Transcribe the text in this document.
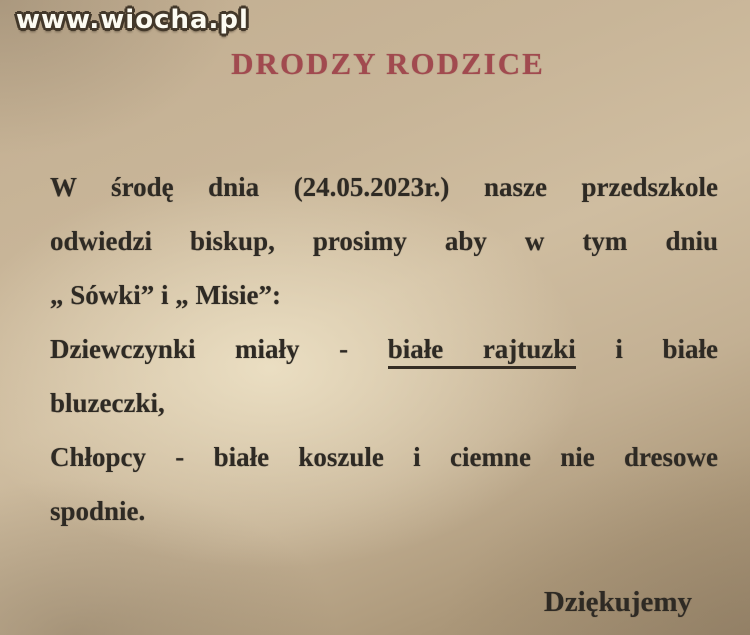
www.wiocha.pl
DRODZY RODZICE
W środę dnia (24.05.2023r.) nasze przedszkole
odwiedzi biskup, prosimy aby w tym dniu
„ Sówki” i „ Misie”:
Dziewczynki miały - białe rajtuzki i białe
bluzeczki,
Chłopcy - białe koszule i ciemne nie dresowe
spodnie.
Dziękujemy
